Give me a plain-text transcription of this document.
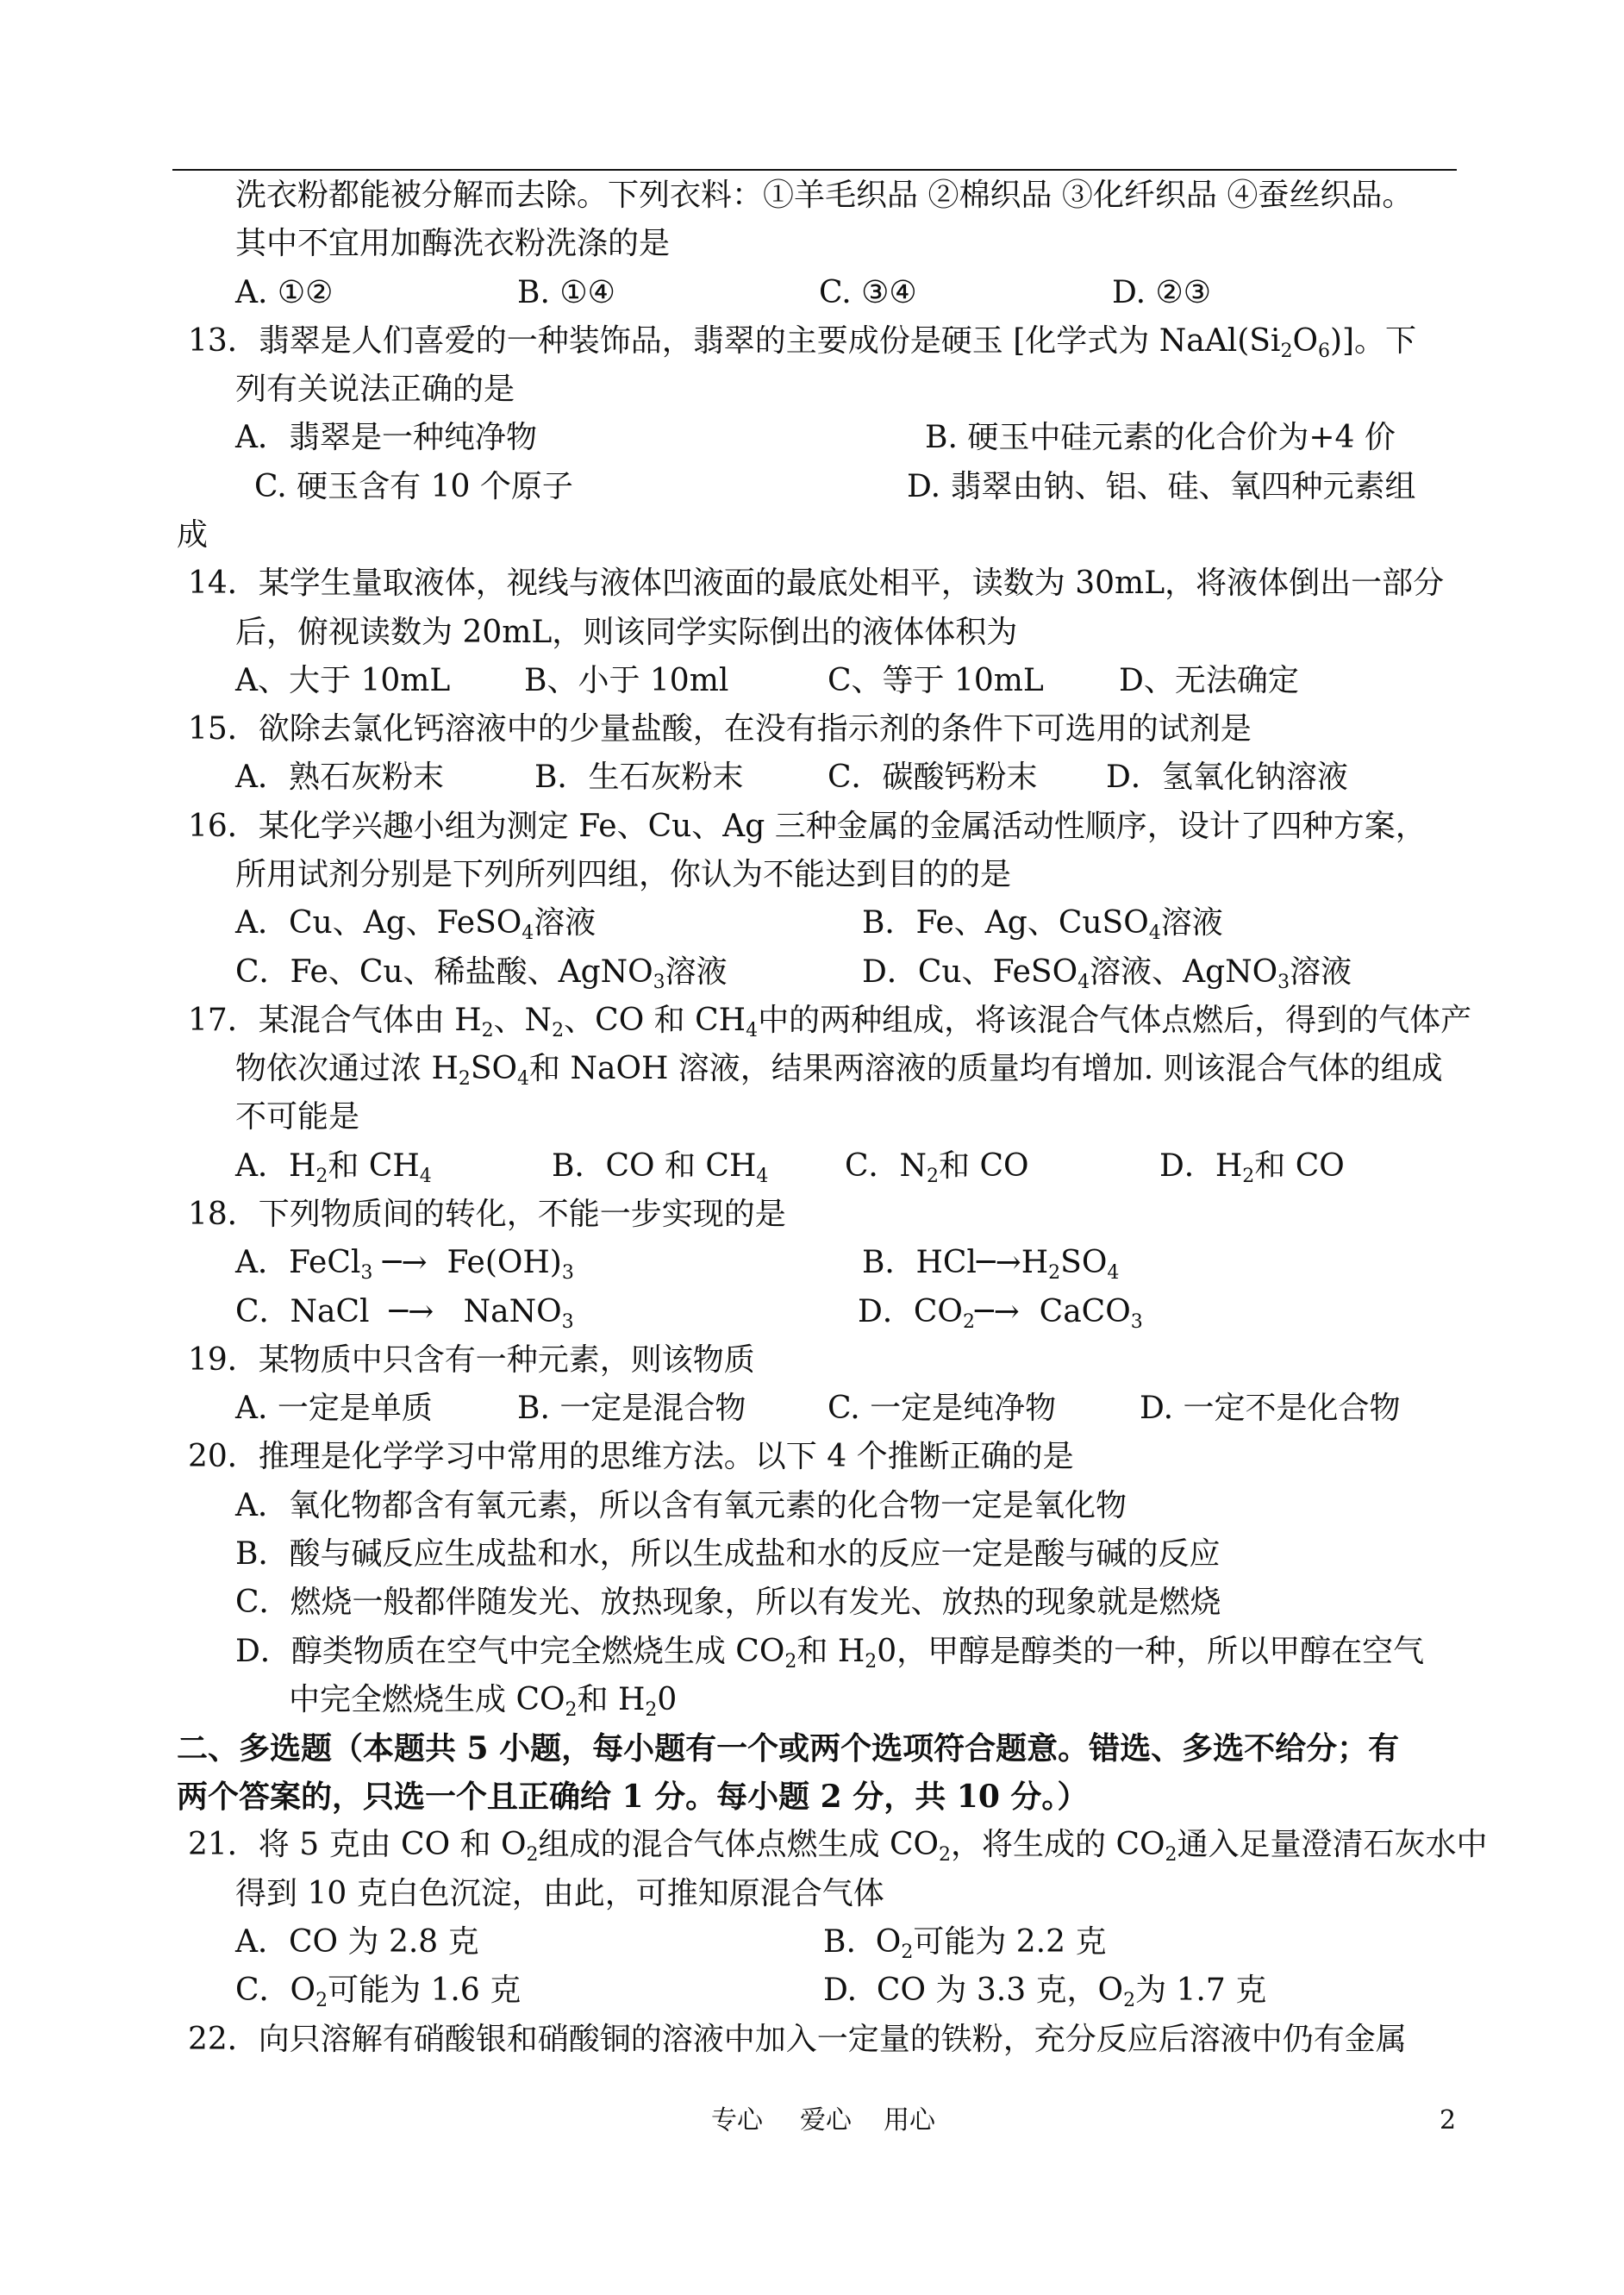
洗衣粉都能被分解而去除。下列衣料：①羊毛织品 ②棉织品 ③化纤织品 ④蚕丝织品。
其中不宜用加酶洗衣粉洗涤的是
A. ①②	B. ①④	C. ③④	D. ②③
13．翡翠是人们喜爱的一种装饰品，翡翠的主要成份是硬玉 [化学式为 $NaAl(Si_2O_6)$]。下
列有关说法正确的是
A．翡翠是一种纯净物	B. 硬玉中硅元素的化合价为+4 价
C. 硬玉含有 10 个原子	D. 翡翠由钠、铝、硅、氧四种元素组
成
14．某学生量取液体，视线与液体凹液面的最底处相平，读数为 30mL，将液体倒出一部分
后，俯视读数为 20mL，则该同学实际倒出的液体体积为
A、大于 10mL B、小于 10ml	C、等于 10mL D、无法确定
15．欲除去氯化钙溶液中的少量盐酸，在没有指示剂的条件下可选用的试剂是
A．熟石灰粉末	B．生石灰粉末	C．碳酸钙粉末 D．氢氧化钠溶液
16．某化学兴趣小组为测定 Fe、Cu、Ag 三种金属的金属活动性顺序，设计了四种方案，
所用试剂分别是下列所列四组，你认为不能达到目的的是
A．Cu、Ag、FeSO$_4$溶液	B．Fe、Ag、CuSO$_4$溶液
C．Fe、Cu、稀盐酸、AgNO$_3$溶液	D．Cu、FeSO$_4$溶液、AgNO$_3$溶液
17．某混合气体由 $H_2$、$N_2$、CO 和 $CH_4$中的两种组成，将该混合气体点燃后，得到的气体产
物依次通过浓 $H_2SO_4$和 NaOH 溶液，结果两溶液的质量均有增加. 则该混合气体的组成
不可能是
A．$H_2$和 $CH_4$	B．CO 和 $CH_4$ C．$N_2$和 CO	D．$H_2$和 CO
18．下列物质间的转化，不能一步实现的是
A．FeCl$_3$ ─→  $Fe(OH)_3$	B．$HCl─\to H_2SO_4$
C．NaCl  ─→   NaNO$_3$	D．$CO_2─\to$  CaCO$_3$
19．某物质中只含有一种元素，则该物质
A. 一定是单质	B. 一定是混合物	C. 一定是纯净物	D. 一定不是化合物
20．推理是化学学习中常用的思维方法。以下 4 个推断正确的是
A．氧化物都含有氧元素，所以含有氧元素的化合物一定是氧化物
B．酸与碱反应生成盐和水，所以生成盐和水的反应一定是酸与碱的反应
C．燃烧一般都伴随发光、放热现象，所以有发光、放热的现象就是燃烧
D．醇类物质在空气中完全燃烧生成 $CO_2$和 $H_20$，甲醇是醇类的一种，所以甲醇在空气
中完全燃烧生成 $CO_2$和 $H_20$
二、多选题（本题共 5 小题，每小题有一个或两个选项符合题意。错选、多选不给分；有
两个答案的，只选一个且正确给 1 分。每小题 2 分，共 10 分。）
21．将 5 克由 CO 和 $O_2$组成的混合气体点燃生成 $CO_2$，将生成的 $CO_2$通入足量澄清石灰水中
得到 10 克白色沉淀，由此，可推知原混合气体
A．CO 为 2.8 克	B.  $O_2$可能为 2.2 克
C．$O_2$可能为 1.6 克	D.  CO 为 3.3 克，$O_2$为 1.7 克
22．向只溶解有硝酸银和硝酸铜的溶液中加入一定量的铁粉，充分反应后溶液中仍有金属
专心 爱心 用心	2
